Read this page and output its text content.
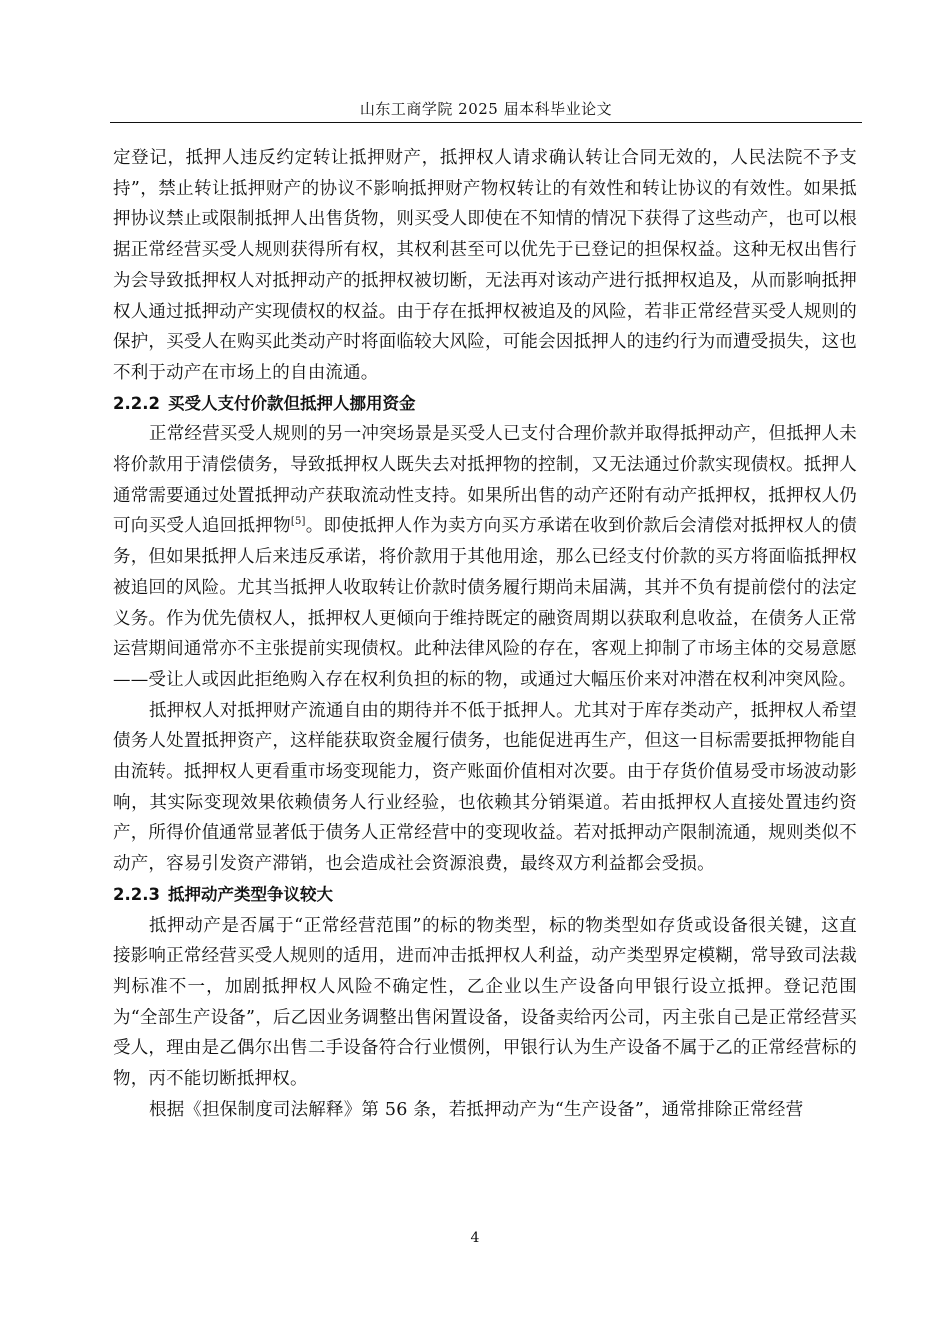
山东工商学院 2025 届本科毕业论文

定登记，抵押人违反约定转让抵押财产，抵押权人请求确认转让合同无效的，人民法院不予支持”，禁止转让抵押财产的协议不影响抵押财产物权转让的有效性和转让协议的有效性。如果抵押协议禁止或限制抵押人出售货物，则买受人即使在不知情的情况下获得了这些动产，也可以根据正常经营买受人规则获得所有权，其权利甚至可以优先于已登记的担保权益。这种无权出售行为会导致抵押权人对抵押动产的抵押权被切断，无法再对该动产进行抵押权追及，从而影响抵押权人通过抵押动产实现债权的权益。由于存在抵押权被追及的风险，若非正常经营买受人规则的保护，买受人在购买此类动产时将面临较大风险，可能会因抵押人的违约行为而遭受损失，这也不利于动产在市场上的自由流通。

2.2.2 买受人支付价款但抵押人挪用资金

正常经营买受人规则的另一冲突场景是买受人已支付合理价款并取得抵押动产，但抵押人未将价款用于清偿债务，导致抵押权人既失去对抵押物的控制，又无法通过价款实现债权。抵押人通常需要通过处置抵押动产获取流动性支持。如果所出售的动产还附有动产抵押权，抵押权人仍可向买受人追回抵押物[5]。即使抵押人作为卖方向买方承诺在收到价款后会清偿对抵押权人的债务，但如果抵押人后来违反承诺，将价款用于其他用途，那么已经支付价款的买方将面临抵押权被追回的风险。尤其当抵押人收取转让价款时债务履行期尚未届满，其并不负有提前偿付的法定义务。作为优先债权人，抵押权人更倾向于维持既定的融资周期以获取利息收益，在债务人正常运营期间通常亦不主张提前实现债权。此种法律风险的存在，客观上抑制了市场主体的交易意愿——受让人或因此拒绝购入存在权利负担的标的物，或通过大幅压价来对冲潜在权利冲突风险。

抵押权人对抵押财产流通自由的期待并不低于抵押人。尤其对于库存类动产，抵押权人希望债务人处置抵押资产，这样能获取资金履行债务，也能促进再生产，但这一目标需要抵押物能自由流转。抵押权人更看重市场变现能力，资产账面价值相对次要。由于存货价值易受市场波动影响，其实际变现效果依赖债务人行业经验，也依赖其分销渠道。若由抵押权人直接处置违约资产，所得价值通常显著低于债务人正常经营中的变现收益。若对抵押动产限制流通，规则类似不动产，容易引发资产滞销，也会造成社会资源浪费，最终双方利益都会受损。

2.2.3 抵押动产类型争议较大

抵押动产是否属于“正常经营范围”的标的物类型，标的物类型如存货或设备很关键，这直接影响正常经营买受人规则的适用，进而冲击抵押权人利益，动产类型界定模糊，常导致司法裁判标准不一，加剧抵押权人风险不确定性，乙企业以生产设备向甲银行设立抵押。登记范围为“全部生产设备”，后乙因业务调整出售闲置设备，设备卖给丙公司，丙主张自己是正常经营买受人，理由是乙偶尔出售二手设备符合行业惯例，甲银行认为生产设备不属于乙的正常经营标的物，丙不能切断抵押权。

根据《担保制度司法解释》第 56 条，若抵押动产为“生产设备”，通常排除正常经营

4
